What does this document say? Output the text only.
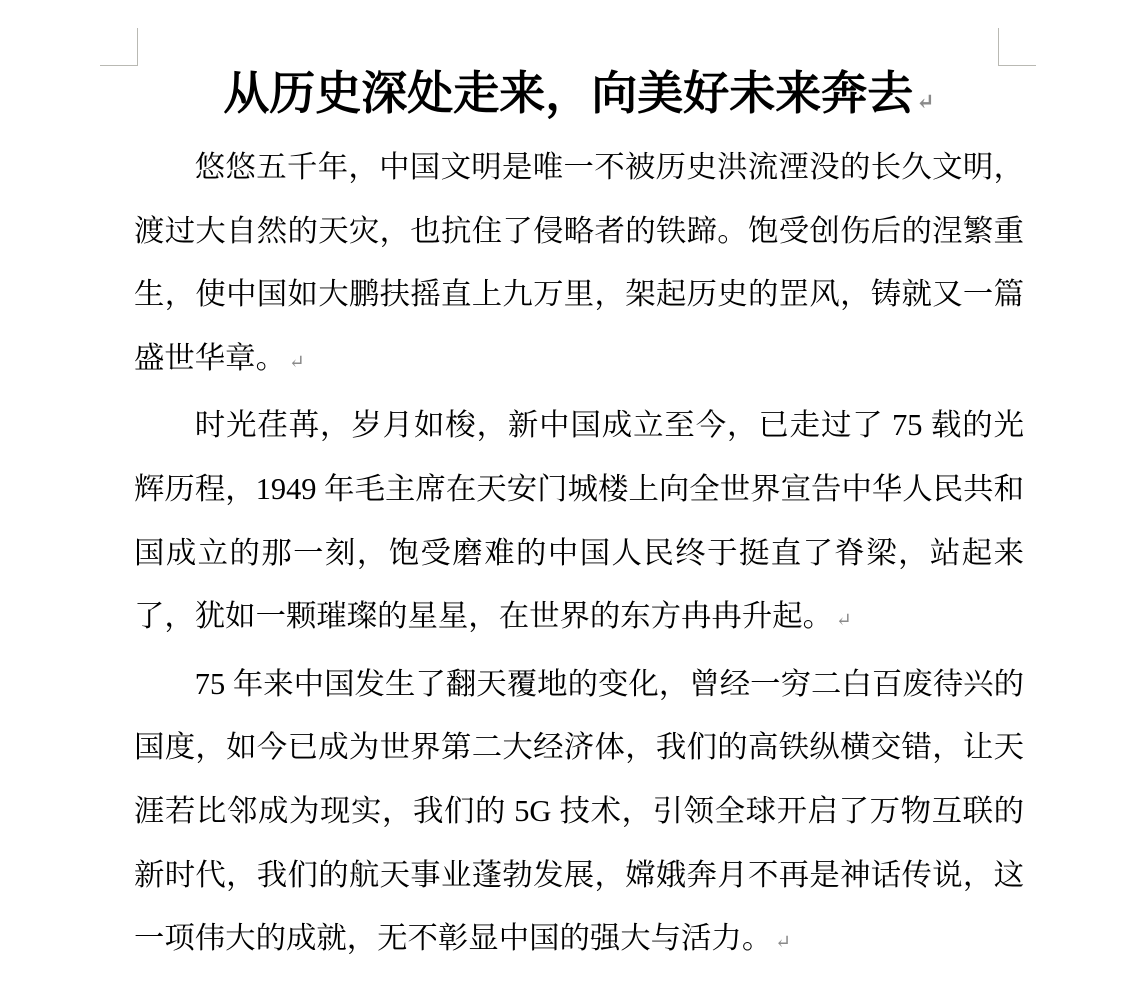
从历史深处走来，向美好未来奔去 ↵

悠悠五千年，中国文明是唯一不被历史洪流湮没的长久文明，渡过大自然的天灾，也抗住了侵略者的铁蹄。饱受创伤后的涅繁重生，使中国如大鹏扶摇直上九万里，架起历史的罡风，铸就又一篇盛世华章。 ↵

时光荏苒，岁月如梭，新中国成立至今，已走过了 75 载的光辉历程，1949 年毛主席在天安门城楼上向全世界宣告中华人民共和国成立的那一刻，饱受磨难的中国人民终于挺直了脊梁，站起来了，犹如一颗璀璨的星星，在世界的东方冉冉升起。 ↵

75 年来中国发生了翻天覆地的变化，曾经一穷二白百废待兴的国度，如今已成为世界第二大经济体，我们的高铁纵横交错，让天涯若比邻成为现实，我们的 5G 技术，引领全球开启了万物互联的新时代，我们的航天事业蓬勃发展，嫦娥奔月不再是神话传说，这一项伟大的成就，无不彰显中国的强大与活力。 ↵
